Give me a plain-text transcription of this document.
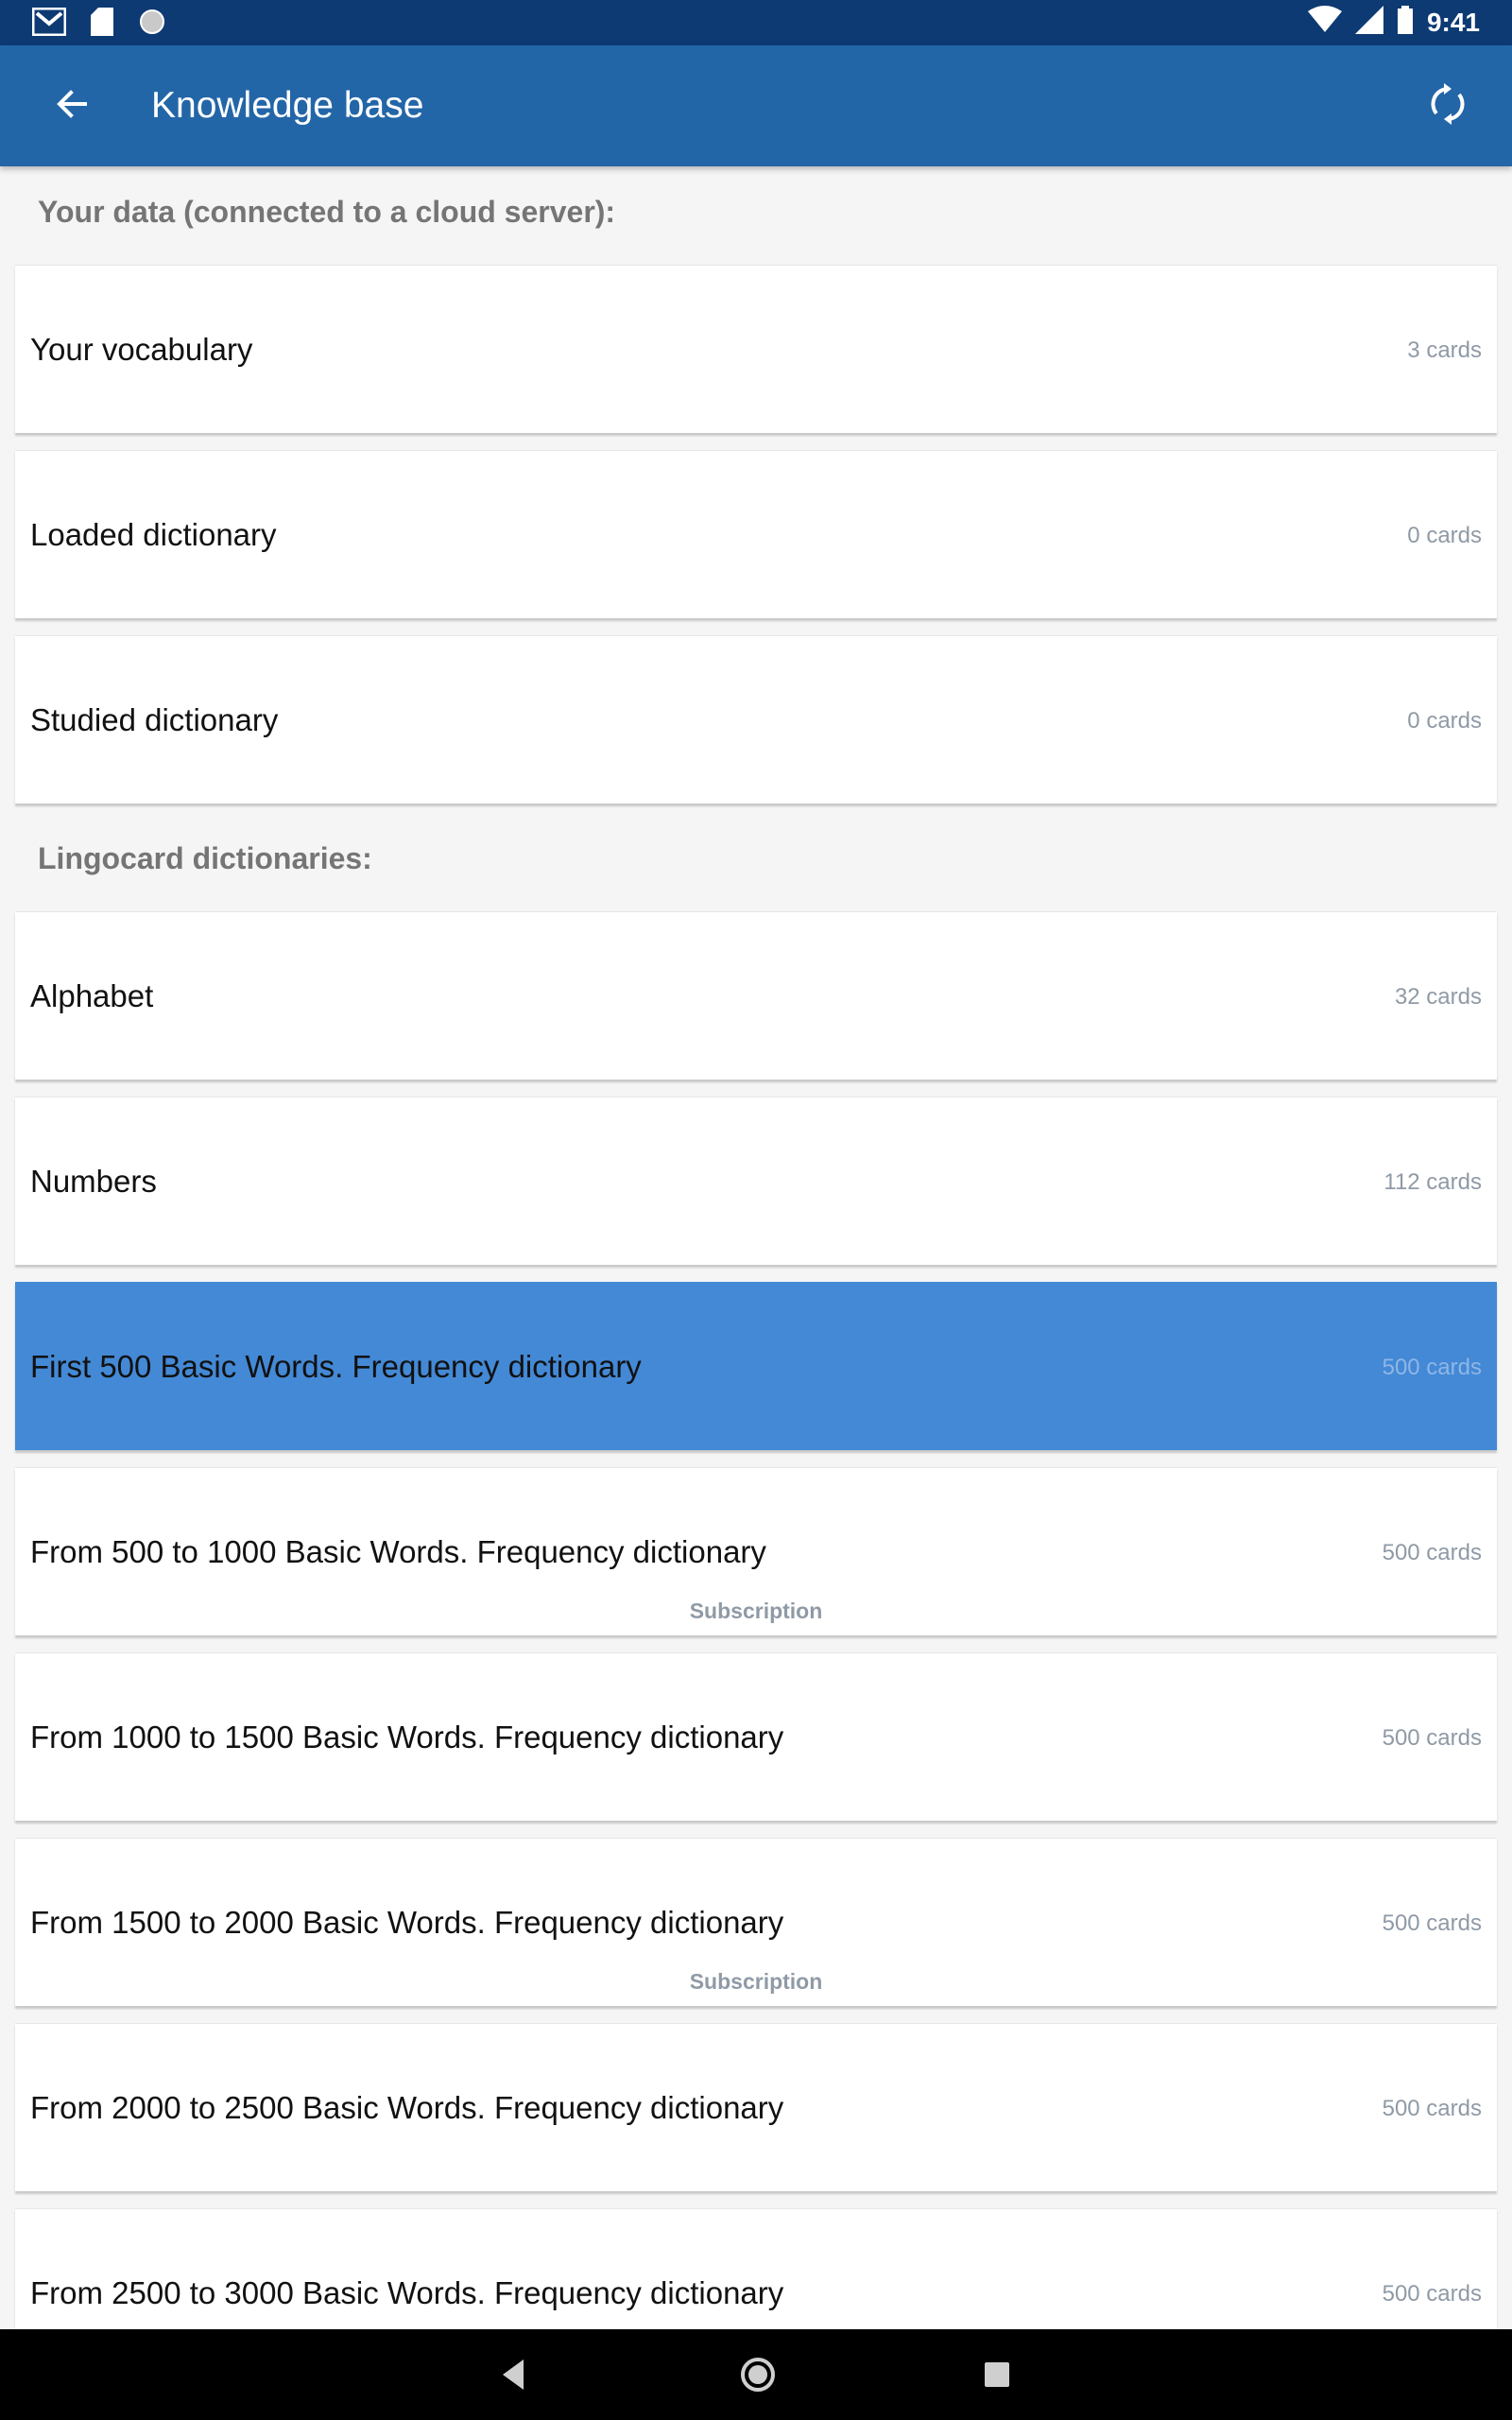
9:41
Knowledge base
Your data (connected to a cloud server):
Your vocabulary	3 cards
Loaded dictionary	0 cards
Studied dictionary	0 cards
Lingocard dictionaries:
Alphabet	32 cards
Numbers	112 cards
First 500 Basic Words. Frequency dictionary	500 cards
From 500 to 1000 Basic Words. Frequency dictionary	500 cards
Subscription
From 1000 to 1500 Basic Words. Frequency dictionary	500 cards
From 1500 to 2000 Basic Words. Frequency dictionary	500 cards
Subscription
From 2000 to 2500 Basic Words. Frequency dictionary	500 cards
From 2500 to 3000 Basic Words. Frequency dictionary	500 cards
